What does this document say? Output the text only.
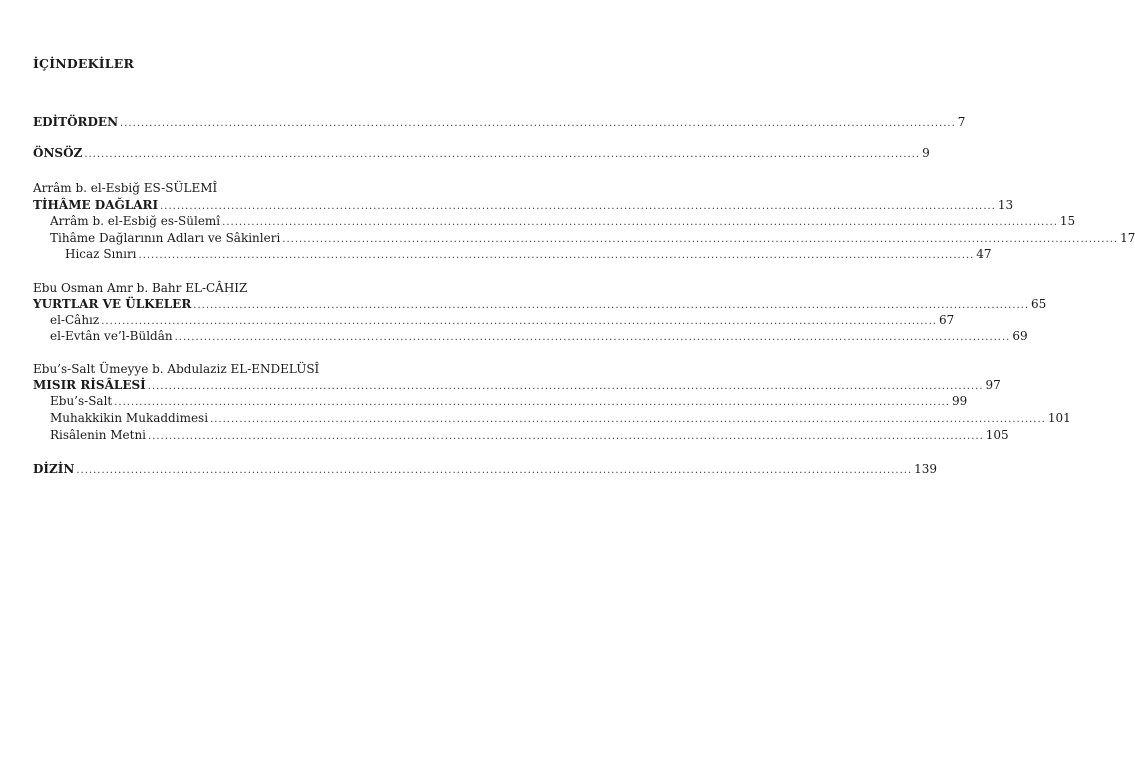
İÇİNDEKİLER
EDİTÖRDEN ........................................................................................................................................................................................................ 7
ÖNSÖZ ........................................................................................................................................................................................................ 9
Arrâm b. el-Esbiğ ES-SÜLEMÎ
TİHÂME DAĞLARI ........................................................................................................................................................................................................ 13
Arrâm b. el-Esbiğ es-Sülemî ........................................................................................................................................................................................................ 15
Tihâme Dağlarının Adları ve Sâkinleri ........................................................................................................................................................................................................ 17
Hicaz Sınırı ........................................................................................................................................................................................................ 47
Ebu Osman Amr b. Bahr EL-CÂHIZ
YURTLAR VE ÜLKELER ........................................................................................................................................................................................................ 65
el-Câhız ........................................................................................................................................................................................................ 67
el-Evtân ve’l-Büldân ........................................................................................................................................................................................................ 69
Ebu’s-Salt Ümeyye b. Abdulaziz EL-ENDELÜSÎ
MISIR RİSÂLESİ ........................................................................................................................................................................................................ 97
Ebu’s-Salt ........................................................................................................................................................................................................ 99
Muhakkikin Mukaddimesi ........................................................................................................................................................................................................ 101
Risâlenin Metni ........................................................................................................................................................................................................ 105
DİZİN ........................................................................................................................................................................................................ 139
